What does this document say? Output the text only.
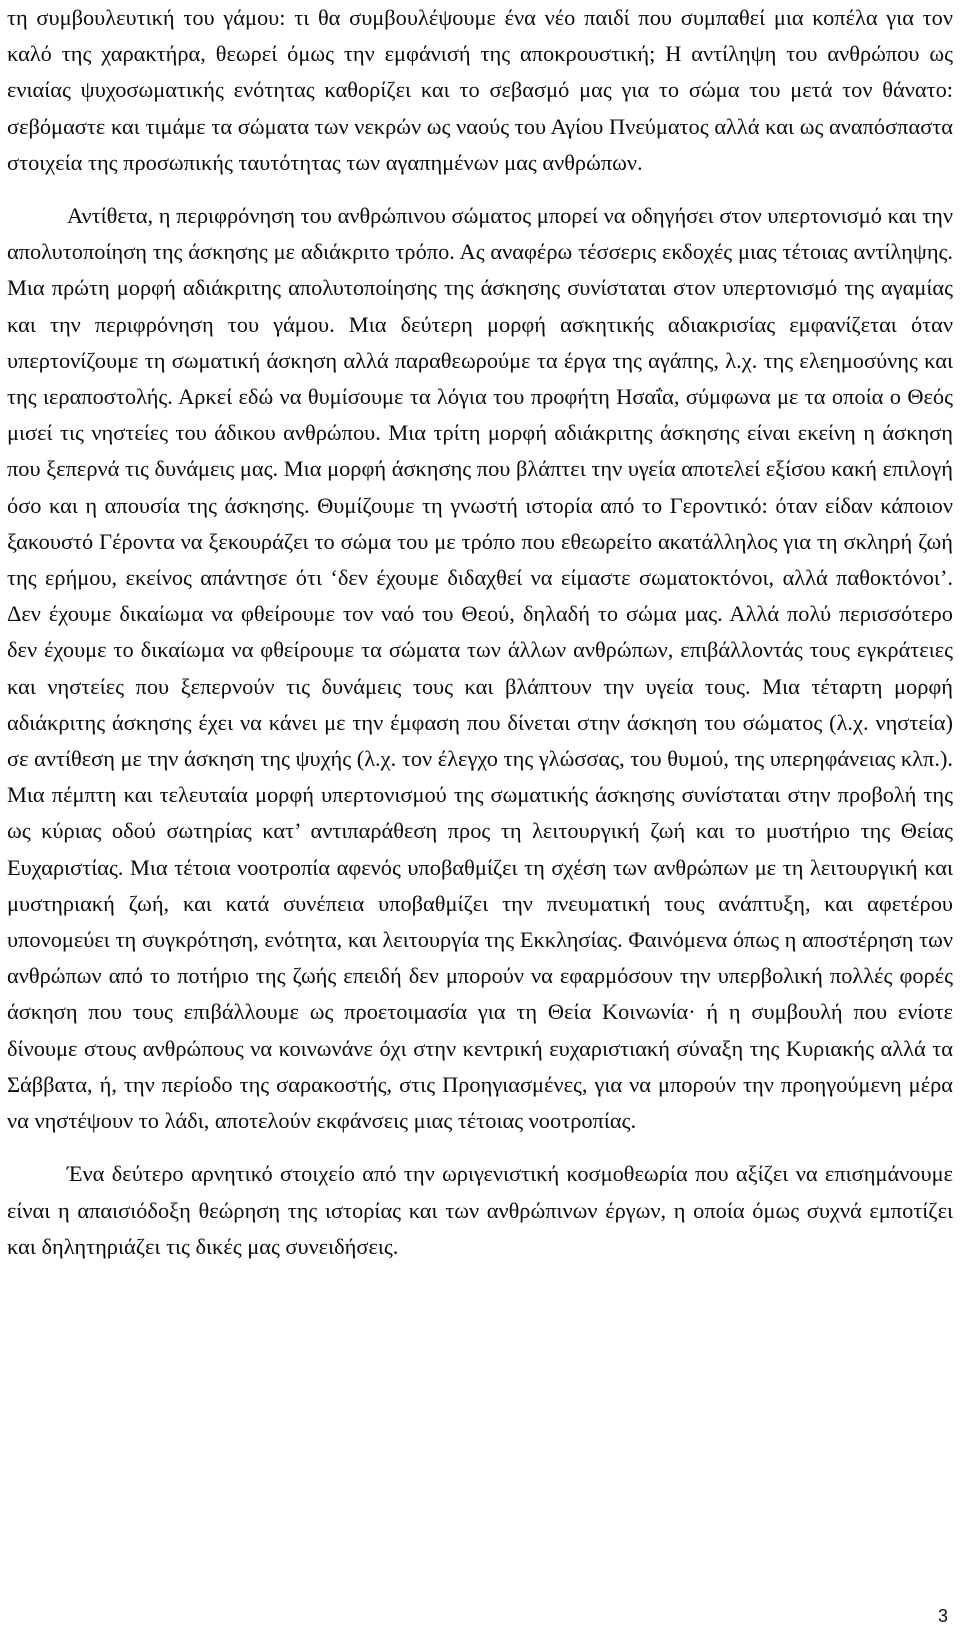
τη συμβουλευτική του γάμου: τι θα συμβουλέψουμε ένα νέο παιδί που συμπαθεί μια κοπέλα για τον καλό της χαρακτήρα, θεωρεί όμως την εμφάνισή της αποκρουστική; Η αντίληψη του ανθρώπου ως ενιαίας ψυχοσωματικής ενότητας καθορίζει και το σεβασμό μας για το σώμα του μετά τον θάνατο: σεβόμαστε και τιμάμε τα σώματα των νεκρών ως ναούς του Αγίου Πνεύματος αλλά και ως αναπόσπαστα στοιχεία της προσωπικής ταυτότητας των αγαπημένων μας ανθρώπων.

Αντίθετα, η περιφρόνηση του ανθρώπινου σώματος μπορεί να οδηγήσει στον υπερτονισμό και την απολυτοποίηση της άσκησης με αδιάκριτο τρόπο. Ας αναφέρω τέσσερις εκδοχές μιας τέτοιας αντίληψης. Μια πρώτη μορφή αδιάκριτης απολυτοποίησης της άσκησης συνίσταται στον υπερτονισμό της αγαμίας και την περιφρόνηση του γάμου. Μια δεύτερη μορφή ασκητικής αδιακρισίας εμφανίζεται όταν υπερτονίζουμε τη σωματική άσκηση αλλά παραθεωρούμε τα έργα της αγάπης, λ.χ. της ελεημοσύνης και της ιεραποστολής. Αρκεί εδώ να θυμίσουμε τα λόγια του προφήτη Ησαΐα, σύμφωνα με τα οποία ο Θεός μισεί τις νηστείες του άδικου ανθρώπου. Μια τρίτη μορφή αδιάκριτης άσκησης είναι εκείνη η άσκηση που ξεπερνά τις δυνάμεις μας. Μια μορφή άσκησης που βλάπτει την υγεία αποτελεί εξίσου κακή επιλογή όσο και η απουσία της άσκησης. Θυμίζουμε τη γνωστή ιστορία από το Γεροντικό: όταν είδαν κάποιον ξακουστό Γέροντα να ξεκουράζει το σώμα του με τρόπο που εθεωρείτο ακατάλληλος για τη σκληρή ζωή της ερήμου, εκείνος απάντησε ότι ‘δεν έχουμε διδαχθεί να είμαστε σωματοκτόνοι, αλλά παθοκτόνοι’. Δεν έχουμε δικαίωμα να φθείρουμε τον ναό του Θεού, δηλαδή το σώμα μας. Αλλά πολύ περισσότερο δεν έχουμε το δικαίωμα να φθείρουμε τα σώματα των άλλων ανθρώπων, επιβάλλοντάς τους εγκράτειες και νηστείες που ξεπερνούν τις δυνάμεις τους και βλάπτουν την υγεία τους. Μια τέταρτη μορφή αδιάκριτης άσκησης έχει να κάνει με την έμφαση που δίνεται στην άσκηση του σώματος (λ.χ. νηστεία) σε αντίθεση με την άσκηση της ψυχής (λ.χ. τον έλεγχο της γλώσσας, του θυμού, της υπερηφάνειας κλπ.). Μια πέμπτη και τελευταία μορφή υπερτονισμού της σωματικής άσκησης συνίσταται στην προβολή της ως κύριας οδού σωτηρίας κατ’ αντιπαράθεση προς τη λειτουργική ζωή και το μυστήριο της Θείας Ευχαριστίας. Μια τέτοια νοοτροπία αφενός υποβαθμίζει τη σχέση των ανθρώπων με τη λειτουργική και μυστηριακή ζωή, και κατά συνέπεια υποβαθμίζει την πνευματική τους ανάπτυξη, και αφετέρου υπονομεύει τη συγκρότηση, ενότητα, και λειτουργία της Εκκλησίας. Φαινόμενα όπως η αποστέρηση των ανθρώπων από το ποτήριο της ζωής επειδή δεν μπορούν να εφαρμόσουν την υπερβολική πολλές φορές άσκηση που τους επιβάλλουμε ως προετοιμασία για τη Θεία Κοινωνία· ή η συμβουλή που ενίοτε δίνουμε στους ανθρώπους να κοινωνάνε όχι στην κεντρική ευχαριστιακή σύναξη της Κυριακής αλλά τα Σάββατα, ή, την περίοδο της σαρακοστής, στις Προηγιασμένες, για να μπορούν την προηγούμενη μέρα να νηστέψουν το λάδι, αποτελούν εκφάνσεις μιας τέτοιας νοοτροπίας.

Ένα δεύτερο αρνητικό στοιχείο από την ωριγενιστική κοσμοθεωρία που αξίζει να επισημάνουμε είναι η απαισιόδοξη θεώρηση της ιστορίας και των ανθρώπινων έργων, η οποία όμως συχνά εμποτίζει και δηλητηριάζει τις δικές μας συνειδήσεις.

3
